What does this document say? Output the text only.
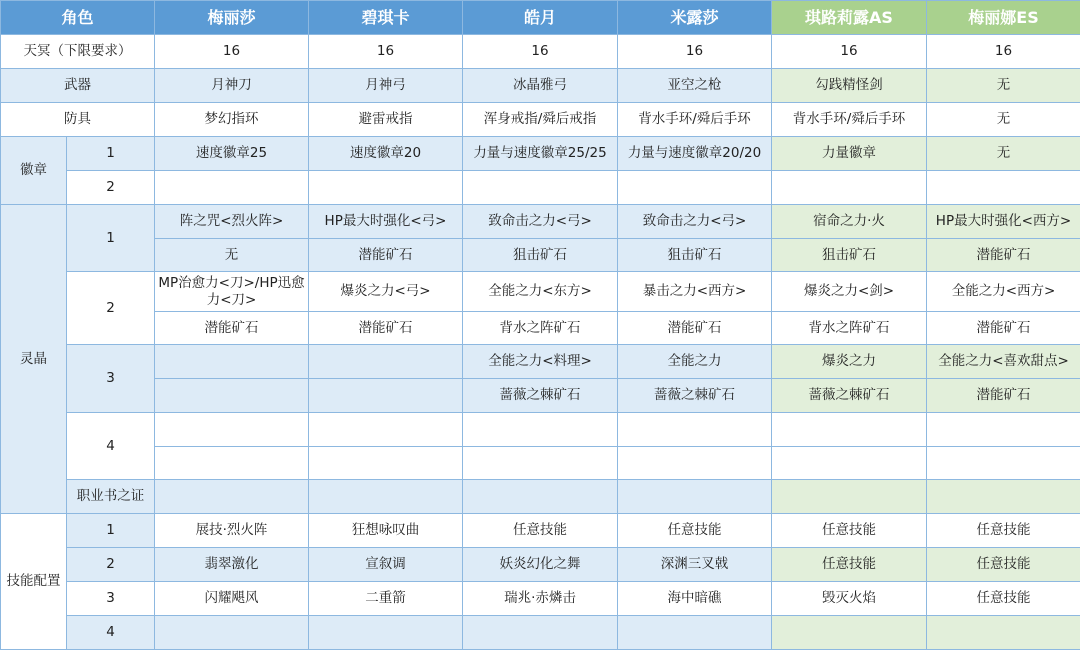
角色		梅丽莎	碧琪卡	皓月	米露莎	琪路莉露AS	梅丽娜ES
天冥（下限要求）		16	16	16	16	16	16
武器		月神刀	月神弓	冰晶雅弓	亚空之枪	勾践精怪剑	无
防具		梦幻指环	避雷戒指	浑身戒指/舜后戒指	背水手环/舜后手环	背水手环/舜后手环	无
徽章	1	速度徽章25	速度徽章20	力量与速度徽章25/25	力量与速度徽章20/20	力量徽章	无
	2						
灵晶	1	阵之咒<烈火阵>	HP最大时强化<弓>	致命击之力<弓>	致命击之力<弓>	宿命之力·火	HP最大时强化<西方>
		无	潜能矿石	狙击矿石	狙击矿石	狙击矿石	潜能矿石
	2	MP治愈力<刀>/HP迅愈力<刀>	爆炎之力<弓>	全能之力<东方>	暴击之力<西方>	爆炎之力<剑>	全能之力<西方>
		潜能矿石	潜能矿石	背水之阵矿石	潜能矿石	背水之阵矿石	潜能矿石
	3			全能之力<料理>	全能之力	爆炎之力	全能之力<喜欢甜点>
				蔷薇之棘矿石	蔷薇之棘矿石	蔷薇之棘矿石	潜能矿石
	4						

	职业书之证						
技能配置	1	展技·烈火阵	狂想咏叹曲	任意技能	任意技能	任意技能	任意技能
	2	翡翠激化	宣叙调	妖炎幻化之舞	深渊三叉戟	任意技能	任意技能
	3	闪耀飓风	二重箭	瑞兆·赤燐击	海中暗礁	毁灭火焰	任意技能
	4						
